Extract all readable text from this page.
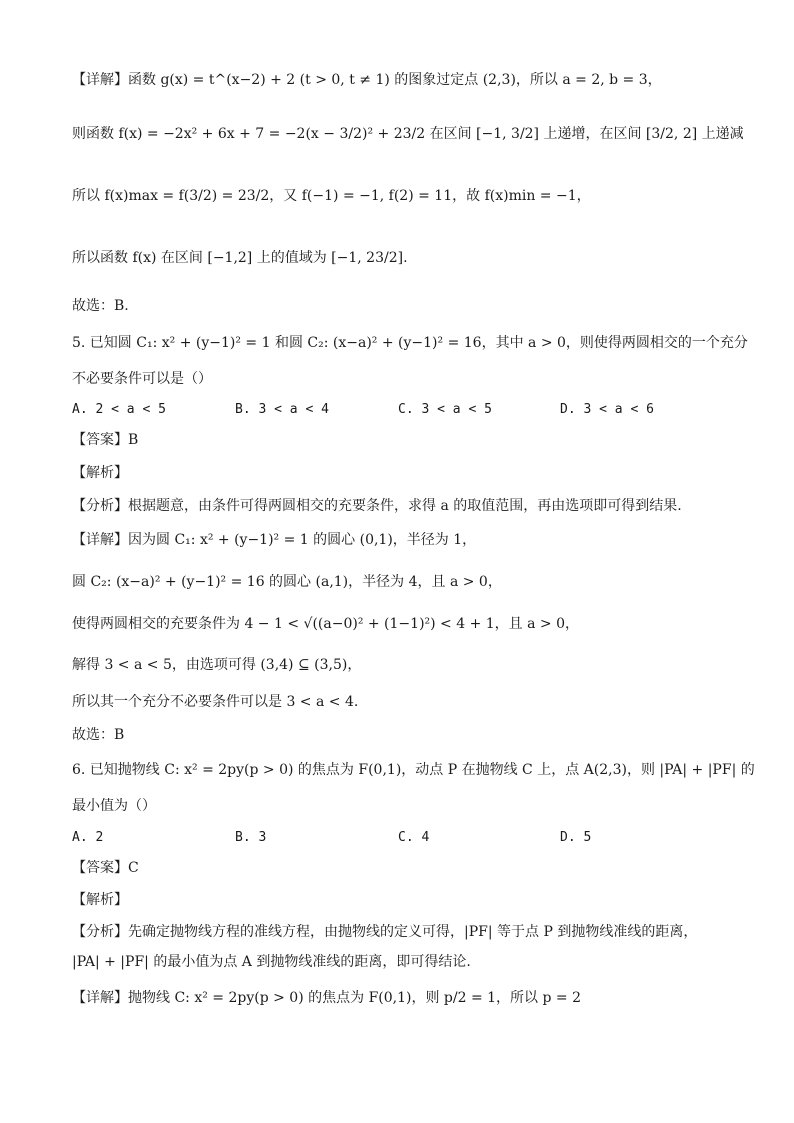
【详解】函数 g(x) = t^(x−2) + 2 (t > 0, t ≠ 1) 的图象过定点 (2,3)，所以 a = 2, b = 3，
则函数 f(x) = −2x² + 6x + 7 = −2(x − 3/2)² + 23/2 在区间 [−1, 3/2] 上递增，在区间 [3/2, 2] 上递减
所以 f(x)max = f(3/2) = 23/2，又 f(−1) = −1, f(2) = 11，故 f(x)min = −1，
所以函数 f(x) 在区间 [−1,2] 上的值域为 [−1, 23/2].
故选：B.
5. 已知圆 C₁: x² + (y−1)² = 1 和圆 C₂: (x−a)² + (y−1)² = 16，其中 a > 0，则使得两圆相交的一个充分
不必要条件可以是（）
A. 2 < a < 5	B. 3 < a < 4	C. 3 < a < 5	D. 3 < a < 6
【答案】B
【解析】
【分析】根据题意，由条件可得两圆相交的充要条件，求得 a 的取值范围，再由选项即可得到结果.
【详解】因为圆 C₁: x² + (y−1)² = 1 的圆心 (0,1)，半径为 1，
圆 C₂: (x−a)² + (y−1)² = 16 的圆心 (a,1)，半径为 4，且 a > 0，
使得两圆相交的充要条件为 4 − 1 < √((a−0)² + (1−1)²) < 4 + 1，且 a > 0，
解得 3 < a < 5，由选项可得 (3,4) ⊆ (3,5)，
所以其一个充分不必要条件可以是 3 < a < 4.
故选：B
6. 已知抛物线 C: x² = 2py(p > 0) 的焦点为 F(0,1)，动点 P 在抛物线 C 上，点 A(2,3)，则 |PA| + |PF| 的
最小值为（）
A. 2	B. 3	C. 4	D. 5
【答案】C
【解析】
【分析】先确定抛物线方程的准线方程，由抛物线的定义可得，|PF| 等于点 P 到抛物线准线的距离，
|PA| + |PF| 的最小值为点 A 到抛物线准线的距离，即可得结论.
【详解】抛物线 C: x² = 2py(p > 0) 的焦点为 F(0,1)，则 p/2 = 1，所以 p = 2
